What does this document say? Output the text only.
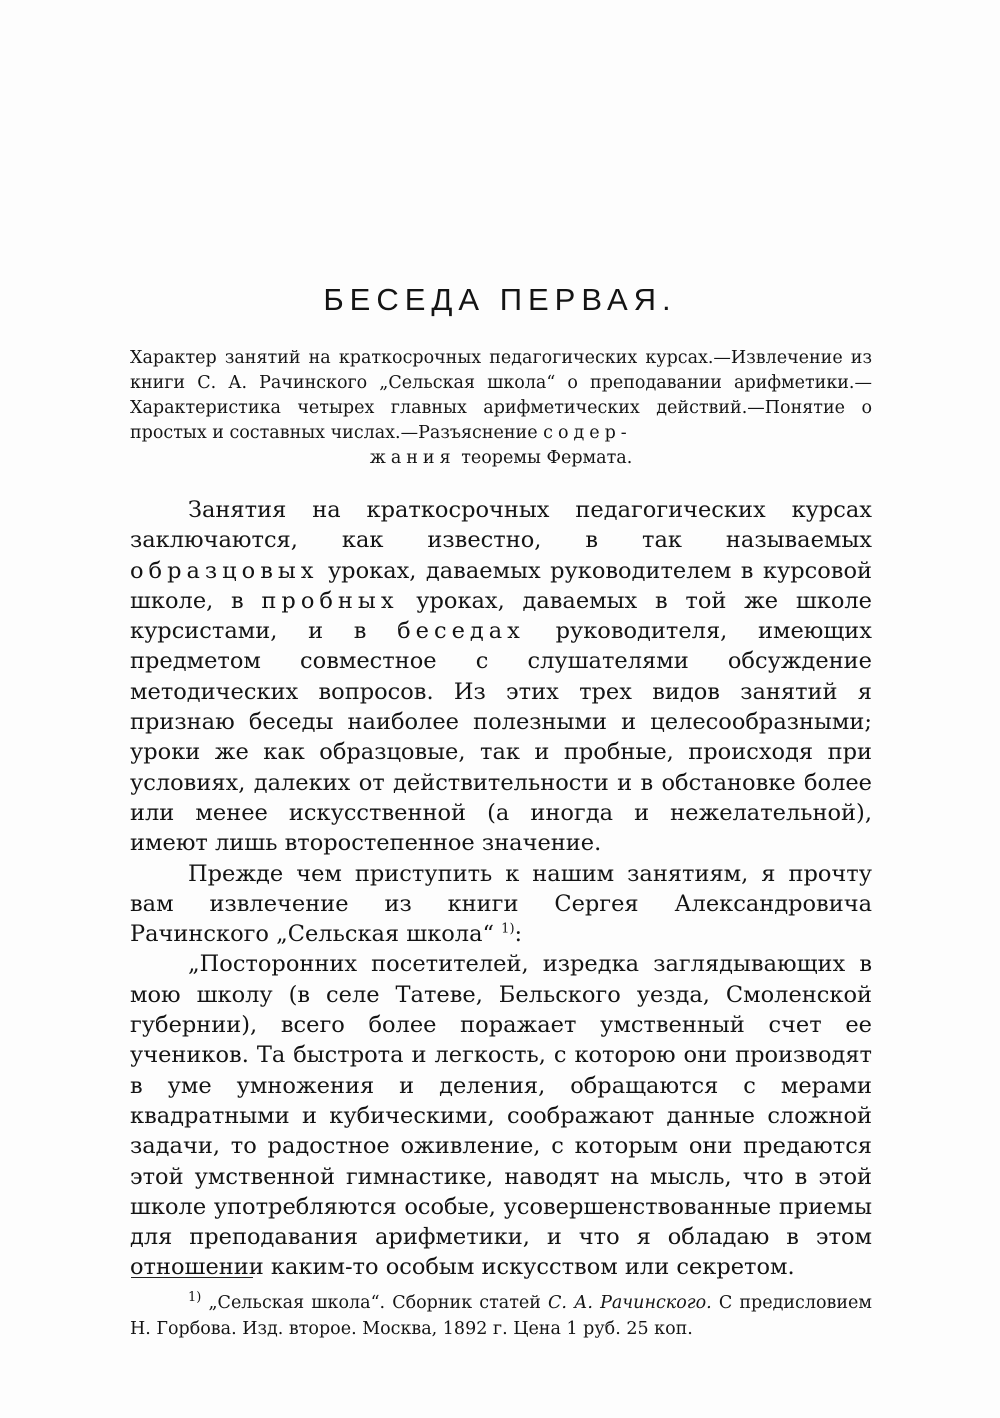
БЕСЕДА ПЕРВАЯ.

Характер занятий на краткосрочных педагогических курсах.—Извлечение из книги С. А. Рачинского „Сельская школа“ о преподавании арифметики.—Характеристика четырех главных арифметических действий.—Понятие о простых и составных числах.—Разъяснение содер-
жания теоремы Фермата.

Занятия на краткосрочных педагогических курсах заключаются, как известно, в так называемых образцовых уроках, даваемых руководителем в курсовой школе, в пробных уроках, даваемых в той же школе курсистами, и в беседах руководителя, имеющих предметом совместное с слушателями обсуждение методических вопросов. Из этих трех видов занятий я признаю беседы наиболее полезными и целесообразными; уроки же как образцовые, так и пробные, происходя при условиях, далеких от действительности и в обстановке более или менее искусственной (а иногда и нежелательной), имеют лишь второстепенное значение.

Прежде чем приступить к нашим занятиям, я прочту вам извлечение из книги Сергея Александровича Рачинского „Сельская школа“ $^{1)}$:

„Посторонних посетителей, изредка заглядывающих в мою школу (в селе Татеве, Бельского уезда, Смоленской губернии), всего более поражает умственный счет ее учеников. Та быстрота и легкость, с которою они производят в уме умножения и деления, обращаются с мерами квадратными и кубическими, соображают данные сложной задачи, то радостное оживление, с которым они предаются этой умственной гимнастике, наводят на мысль, что в этой школе употребляются особые, усовершенствованные приемы для преподавания арифметики, и что я обладаю в этом отношении каким-то особым искусством или секретом.

$^{1)}$ „Сельская школа“. Сборник статей С. А. Рачинского. С предисловием Н. Горбова. Изд. второе. Москва, 1892 г. Цена 1 руб. 25 коп.
